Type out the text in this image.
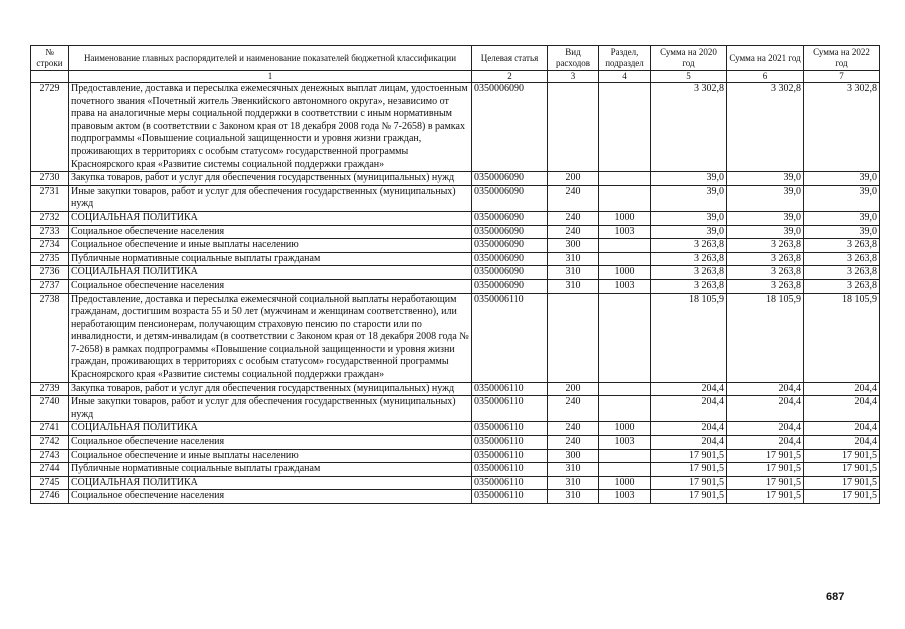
№ строки	Наименование главных распорядителей и наименование показателей бюджетной классификации	Целевая статья	Вид расходов	Раздел, подраздел	Сумма на 2020 год	Сумма на 2021 год	Сумма на 2022 год
	1	2	3	4	5	6	7
2729	Предоставление, доставка и пересылка ежемесячных денежных выплат лицам, удостоенным почетного звания «Почетный житель Эвенкийского автономного округа», независимо от права на аналогичные меры социальной поддержки в соответствии с иным нормативным правовым актом (в соответствии с Законом края от 18 декабря 2008 года № 7-2658) в рамках подпрограммы «Повышение социальной защищенности и уровня жизни граждан, проживающих в территориях с особым статусом» государственной программы Красноярского края «Развитие системы социальной поддержки граждан»	0350006090			3 302,8	3 302,8	3 302,8
2730	Закупка товаров, работ и услуг для обеспечения государственных (муниципальных) нужд	0350006090	200		39,0	39,0	39,0
2731	Иные закупки товаров, работ и услуг для обеспечения государственных (муниципальных) нужд	0350006090	240		39,0	39,0	39,0
2732	СОЦИАЛЬНАЯ ПОЛИТИКА	0350006090	240	1000	39,0	39,0	39,0
2733	Социальное обеспечение населения	0350006090	240	1003	39,0	39,0	39,0
2734	Социальное обеспечение и иные выплаты населению	0350006090	300		3 263,8	3 263,8	3 263,8
2735	Публичные нормативные социальные выплаты гражданам	0350006090	310		3 263,8	3 263,8	3 263,8
2736	СОЦИАЛЬНАЯ ПОЛИТИКА	0350006090	310	1000	3 263,8	3 263,8	3 263,8
2737	Социальное обеспечение населения	0350006090	310	1003	3 263,8	3 263,8	3 263,8
2738	Предоставление, доставка и пересылка ежемесячной социальной выплаты неработающим гражданам, достигшим возраста 55 и 50 лет (мужчинам и женщинам соответственно), или неработающим пенсионерам, получающим страховую пенсию по старости или по инвалидности, и детям-инвалидам (в соответствии с Законом края от 18 декабря 2008 года № 7-2658) в рамках подпрограммы «Повышение социальной защищенности и уровня жизни граждан, проживающих в территориях с особым статусом» государственной программы Красноярского края «Развитие системы социальной поддержки граждан»	0350006110			18 105,9	18 105,9	18 105,9
2739	Закупка товаров, работ и услуг для обеспечения государственных (муниципальных) нужд	0350006110	200		204,4	204,4	204,4
2740	Иные закупки товаров, работ и услуг для обеспечения государственных (муниципальных) нужд	0350006110	240		204,4	204,4	204,4
2741	СОЦИАЛЬНАЯ ПОЛИТИКА	0350006110	240	1000	204,4	204,4	204,4
2742	Социальное обеспечение населения	0350006110	240	1003	204,4	204,4	204,4
2743	Социальное обеспечение и иные выплаты населению	0350006110	300		17 901,5	17 901,5	17 901,5
2744	Публичные нормативные социальные выплаты гражданам	0350006110	310		17 901,5	17 901,5	17 901,5
2745	СОЦИАЛЬНАЯ ПОЛИТИКА	0350006110	310	1000	17 901,5	17 901,5	17 901,5
2746	Социальное обеспечение населения	0350006110	310	1003	17 901,5	17 901,5	17 901,5
687
